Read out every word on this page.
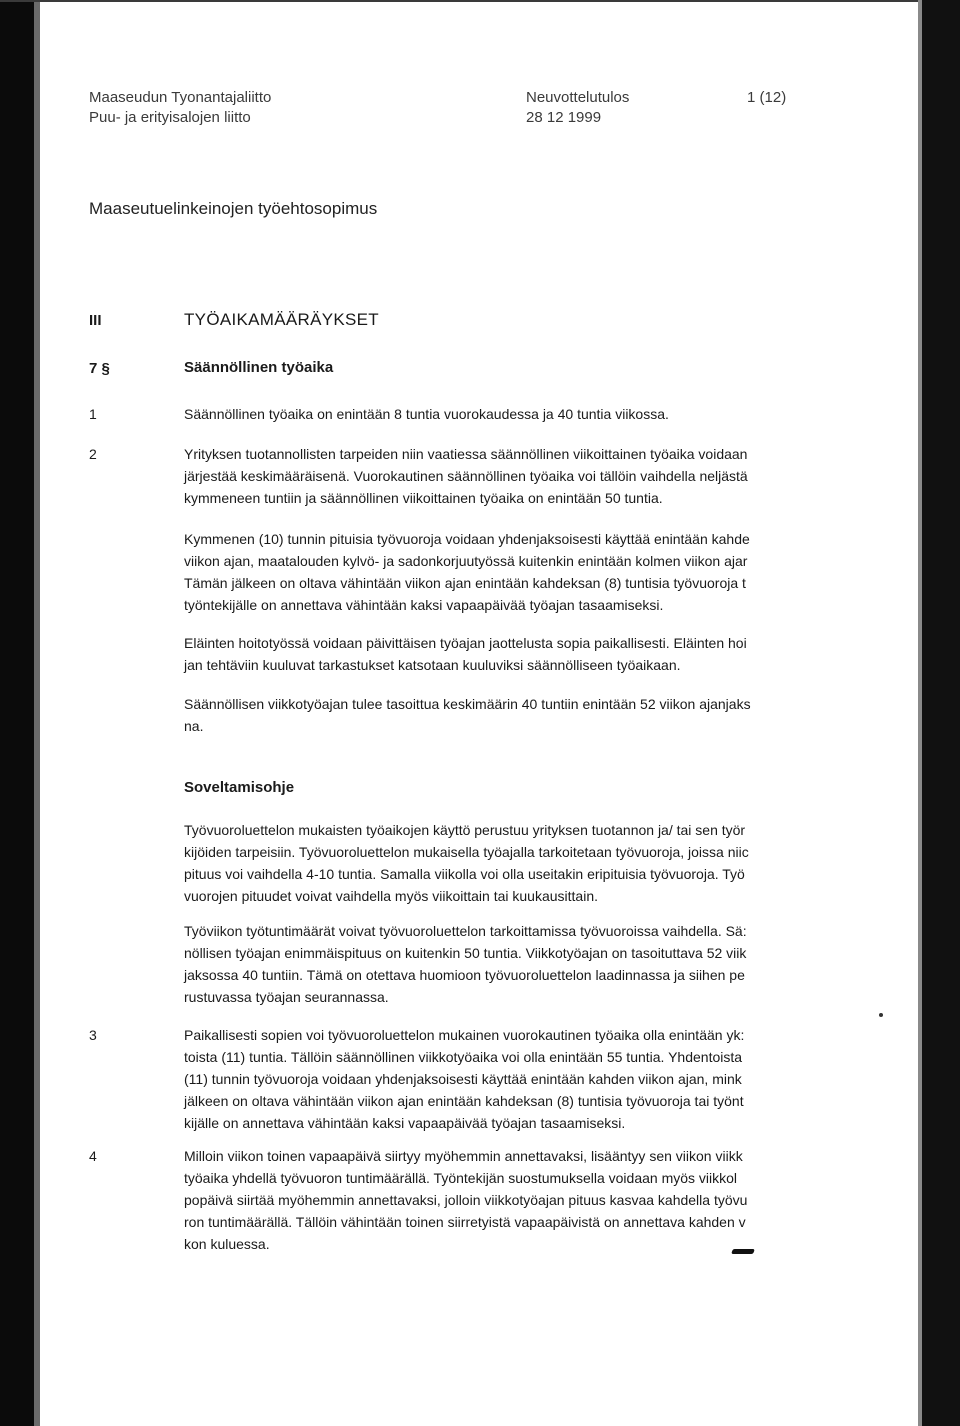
Maaseudun Tyonantajaliitto
Puu- ja erityisalojen liitto
Neuvottelutulos
28 12 1999
1 (12)
Maaseutuelinkeinojen työehtosopimus
III	TYÖAIKAMÄÄRÄYKSET
7 §	Säännöllinen työaika
1	Säännöllinen työaika on enintään 8 tuntia vuorokaudessa ja 40 tuntia viikossa.
2	Yrityksen tuotannollisten tarpeiden niin vaatiessa säännöllinen viikoittainen työaika voidaan
järjestää keskimääräisenä. Vuorokautinen säännöllinen työaika voi tällöin vaihdella neljästä
kymmeneen tuntiin ja säännöllinen viikoittainen työaika on enintään 50 tuntia.
Kymmenen (10) tunnin pituisia työvuoroja voidaan yhdenjaksoisesti käyttää enintään kahde
viikon ajan, maatalouden kylvö- ja sadonkorjuutyössä kuitenkin enintään kolmen viikon ajar
Tämän jälkeen on oltava vähintään viikon ajan enintään kahdeksan (8) tuntisia työvuoroja t
työntekijälle on annettava vähintään kaksi vapaapäivää työajan tasaamiseksi.
Eläinten hoitotyössä voidaan päivittäisen työajan jaottelusta sopia paikallisesti. Eläinten hoi
jan tehtäviin kuuluvat tarkastukset katsotaan kuuluviksi säännölliseen työaikaan.
Säännöllisen viikkotyöajan tulee tasoittua keskimäärin 40 tuntiin enintään 52 viikon ajanjaks
na.
Soveltamisohje
Työvuoroluettelon mukaisten työaikojen käyttö perustuu yrityksen tuotannon ja/ tai sen työr
kijöiden tarpeisiin. Työvuoroluettelon mukaisella työajalla tarkoitetaan työvuoroja, joissa niic
pituus voi vaihdella 4-10 tuntia. Samalla viikolla voi olla useitakin eripituisia työvuoroja. Työ
vuorojen pituudet voivat vaihdella myös viikoittain tai kuukausittain.
Työviikon työtuntimäärät voivat työvuoroluettelon tarkoittamissa työvuoroissa vaihdella. Sä:
nöllisen työajan enimmäispituus on kuitenkin 50 tuntia. Viikkotyöajan on tasoituttava 52 viik
jaksossa 40 tuntiin. Tämä on otettava huomioon työvuoroluettelon laadinnassa ja siihen pe
rustuvassa työajan seurannassa.
3	Paikallisesti sopien voi työvuoroluettelon mukainen vuorokautinen työaika olla enintään yk:
toista (11) tuntia. Tällöin säännöllinen viikkotyöaika voi olla enintään 55 tuntia. Yhdentoista
(11) tunnin työvuoroja voidaan yhdenjaksoisesti käyttää enintään kahden viikon ajan, mink
jälkeen on oltava vähintään viikon ajan enintään kahdeksan (8) tuntisia työvuoroja tai työnt
kijälle on annettava vähintään kaksi vapaapäivää työajan tasaamiseksi.
4	Milloin viikon toinen vapaapäivä siirtyy myöhemmin annettavaksi, lisääntyy sen viikon viikk
työaika yhdellä työvuoron tuntimäärällä. Työntekijän suostumuksella voidaan myös viikkol
popäivä siirtää myöhemmin annettavaksi, jolloin viikkotyöajan pituus kasvaa kahdella työvu
ron tuntimäärällä. Tällöin vähintään toinen siirretyistä vapaapäivistä on annettava kahden v
kon kuluessa.
